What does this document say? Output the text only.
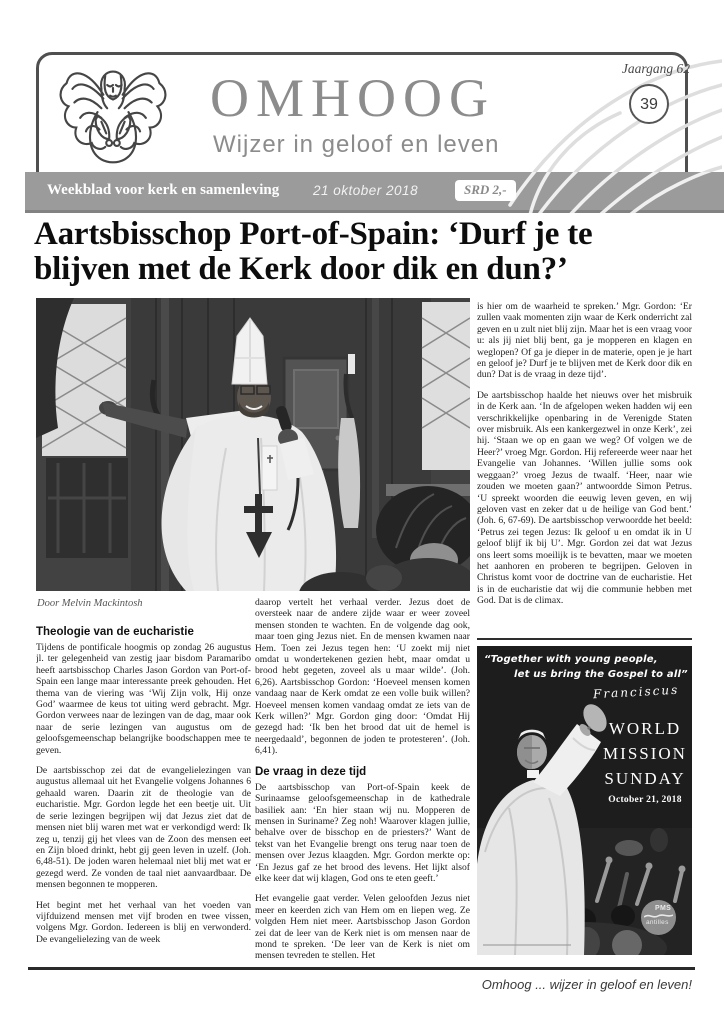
OMHOOG
Wijzer in geloof en leven
Jaargang 62
39
Weekblad voor kerk en samenleving	21 oktober 2018	SRD 2,-
Aartsbisschop Port-of-Spain: ‘Durf je te blijven met de Kerk door dik en dun?’
Door Melvin Mackintosh
Theologie van de eucharistie

Tijdens de pontificale hoogmis op zondag 26 augustus jl. ter gelegenheid van zestig jaar bisdom Paramaribo heeft aartsbisschop Charles Jason Gordon van Port-of-Spain een lange maar interessante preek gehouden. Het thema van de viering was ‘Wij Zijn volk, Hij onze God’ waarmee de keus tot uiting werd gebracht. Mgr. Gordon verwees naar de lezingen van de dag, maar ook naar de serie lezingen van augustus om de geloofsgemeenschap belangrijke boodschappen mee te geven.

De aartsbisschop zei dat de evangelielezingen van augustus allemaal uit het Evangelie volgens Johannes 6 gehaald waren. Daarin zit de theologie van de eucharistie. Mgr. Gordon legde het een beetje uit. Uit de serie lezingen begrijpen wij dat Jezus ziet dat de mensen niet blij waren met wat er verkondigd werd: Ik zeg u, tenzij gij het vlees van de Zoon des mensen eet en Zijn bloed drinkt, hebt gij geen leven in uzelf. (Joh. 6,48-51). De joden waren helemaal niet blij met wat er gezegd werd. Ze vonden de taal niet aanvaardbaar. De mensen begonnen te mopperen.

Het begint met het verhaal van het voeden van vijfduizend mensen met vijf broden en twee vissen, volgens Mgr. Gordon. Iedereen is blij en verwonderd. De evangelielezing van de week

daarop vertelt het verhaal verder. Jezus doet de oversteek naar de andere zijde waar er weer zoveel mensen stonden te wachten. En de volgende dag ook, maar toen ging Jezus niet. En de mensen kwamen naar Hem. Toen zei Jezus tegen hen: ‘U zoekt mij niet omdat u wondertekenen gezien hebt, maar omdat u brood hebt gegeten, zoveel als u maar wilde’. (Joh. 6,26). Aartsbisschop Gordon: ‘Hoeveel mensen komen vandaag naar de Kerk omdat ze een volle buik willen? Hoeveel mensen komen vandaag omdat ze iets van de Kerk willen?’ Mgr. Gordon ging door: ‘Omdat Hij gezegd had: ‘Ik ben het brood dat uit de hemel is neergedaald’, begonnen de joden te protesteren’. (Joh. 6,41).

De vraag in deze tijd

De aartsbisschop van Port-of-Spain keek de Surinaamse geloofsgemeenschap in de kathedrale basiliek aan: ‘En hier staan wij nu. Mopperen de mensen in Suriname? Zeg noh! Waarover klagen jullie, behalve over de bisschop en de priesters?’ Want de tekst van het Evangelie brengt ons terug naar toen de mensen over Jezus klaagden. Mgr. Gordon merkte op: ‘En Jezus gaf ze het brood des levens. Het lijkt alsof elke keer dat wij klagen, God ons te eten geeft.’

Het evangelie gaat verder. Velen geloofden Jezus niet meer en keerden zich van Hem om en liepen weg. Ze volgden Hem niet meer. Aartsbisschop Jason Gordon zei dat de leer van de Kerk niet is om mensen naar de mond te spreken. ‘De leer van de Kerk is niet om mensen tevreden te stellen. Het

is hier om de waarheid te spreken.’ Mgr. Gordon: ‘Er zullen vaak momenten zijn waar de Kerk onderricht zal geven en u zult niet blij zijn. Maar het is een vraag voor u: als jij niet blij bent, ga je mopperen en klagen en weglopen? Of ga je dieper in de materie, open je je hart en geloof je? Durf je te blijven met de Kerk door dik en dun? Dat is de vraag in deze tijd’.

De aartsbisschop haalde het nieuws over het misbruik in de Kerk aan. ‘In de afgelopen weken hadden wij een verschrikkelijke openbaring in de Verenigde Staten over misbruik. Als een kankergezwel in onze Kerk’, zei hij. ‘Staan we op en gaan we weg? Of volgen we de Heer?’ vroeg Mgr. Gordon. Hij refereerde weer naar het Evangelie van Johannes. ‘Willen jullie soms ook weggaan?’ vroeg Jezus de twaalf. ‘Heer, naar wie zouden we moeten gaan?’ antwoordde Simon Petrus. ‘U spreekt woorden die eeuwig leven geven, en wij geloven vast en zeker dat u de heilige van God bent.’ (Joh. 6, 67-69). De aartsbisschop verwoordde het beeld: ‘Petrus zei tegen Jezus: Ik geloof u en omdat ik in U geloof blijf ik bij U’. Mgr. Gordon zei dat wat Jezus ons leert soms moeilijk is te bevatten, maar we moeten het aanhoren en proberen te begrijpen. Geloven in Christus komt voor de doctrine van de eucharistie. Het is in de eucharistie dat wij die communie hebben met God. Dat is de climax.

“Together with young people,
let us bring the Gospel to all”
Franciscus
WORLD
MISSION
SUNDAY
October 21, 2018
PMS
antilles
Omhoog ... wijzer in geloof en leven!
